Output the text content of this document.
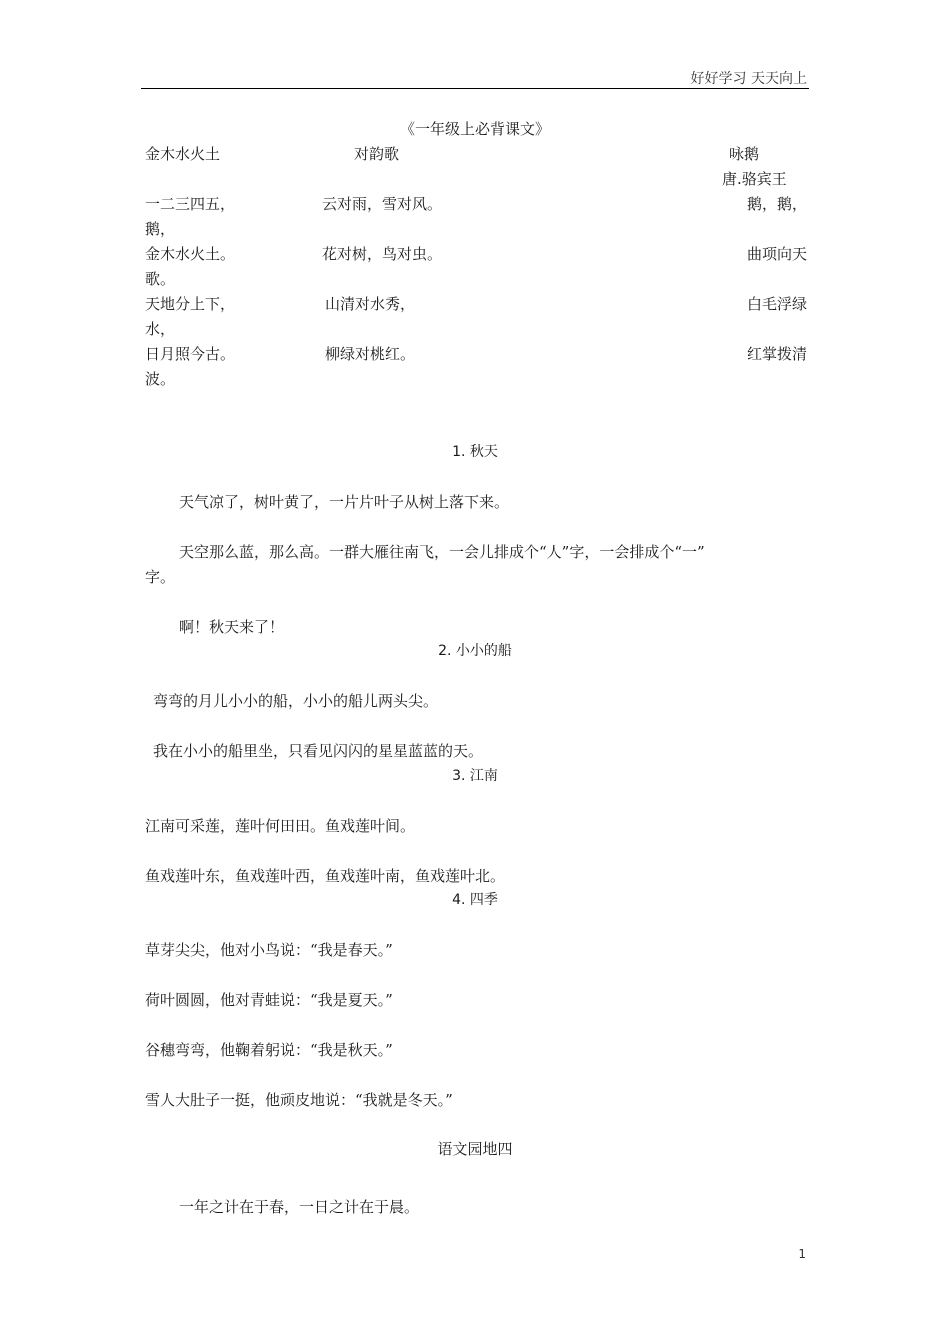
好好学习 天天向上
《一年级上必背课文》
金木水火土
一二三四五，
金木水火土。
天地分上下，
日月照今古。
对韵歌
云对雨，雪对风。
花对树，鸟对虫。
山清对水秀，
柳绿对桃红。
咏鹅
唐.骆宾王
鹅，鹅，
鹅，
曲项向天
歌。
白毛浮绿
水，
红掌拨清
波。
1. 秋天
天气凉了，树叶黄了，一片片叶子从树上落下来。
天空那么蓝，那么高。一群大雁往南飞，一会儿排成个“人”字，一会排成个“一”
字。
啊！秋天来了！
2. 小小的船
弯弯的月儿小小的船，小小的船儿两头尖。
我在小小的船里坐，只看见闪闪的星星蓝蓝的天。
3. 江南
江南可采莲，莲叶何田田。鱼戏莲叶间。
鱼戏莲叶东，鱼戏莲叶西，鱼戏莲叶南，鱼戏莲叶北。
4. 四季
草芽尖尖，他对小鸟说：“我是春天。”
荷叶圆圆，他对青蛙说：“我是夏天。”
谷穗弯弯，他鞠着躬说：“我是秋天。”
雪人大肚子一挺，他顽皮地说：“我就是冬天。”
语文园地四
一年之计在于春，一日之计在于晨。
1
